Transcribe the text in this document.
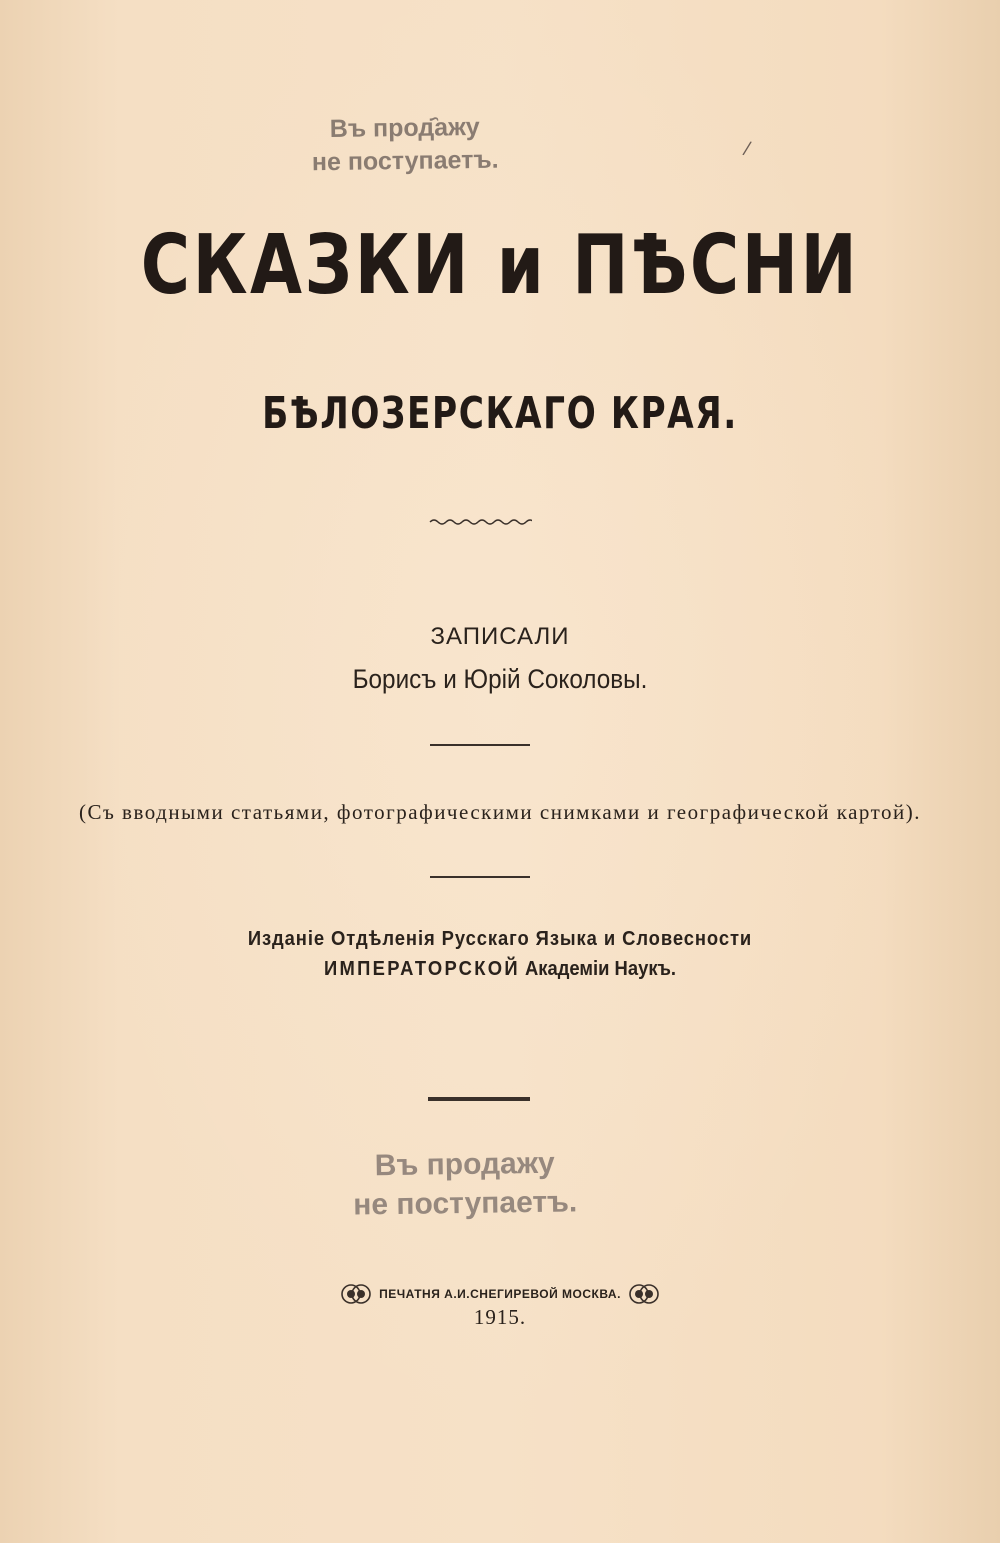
Въ прод҄ажу
не поступаетъ.	/
СКАЗКИ и ПѢСНИ
БѢЛОЗЕРСКАГО КРАЯ.
ЗАПИСАЛИ
Борисъ и Юрій Соколовы.
(Съ вводными статьями, фотографическими снимками и географической картой).
Изданіе Отдѣленія Русскаго Языка и Словесности
ИМПЕРАТОРСКОЙ Академіи Наукъ.
Въ продажу
не поступаетъ.
ПЕЧАТНЯ А.И.СНЕГИРЕВОЙ МОСКВА.
1915.
